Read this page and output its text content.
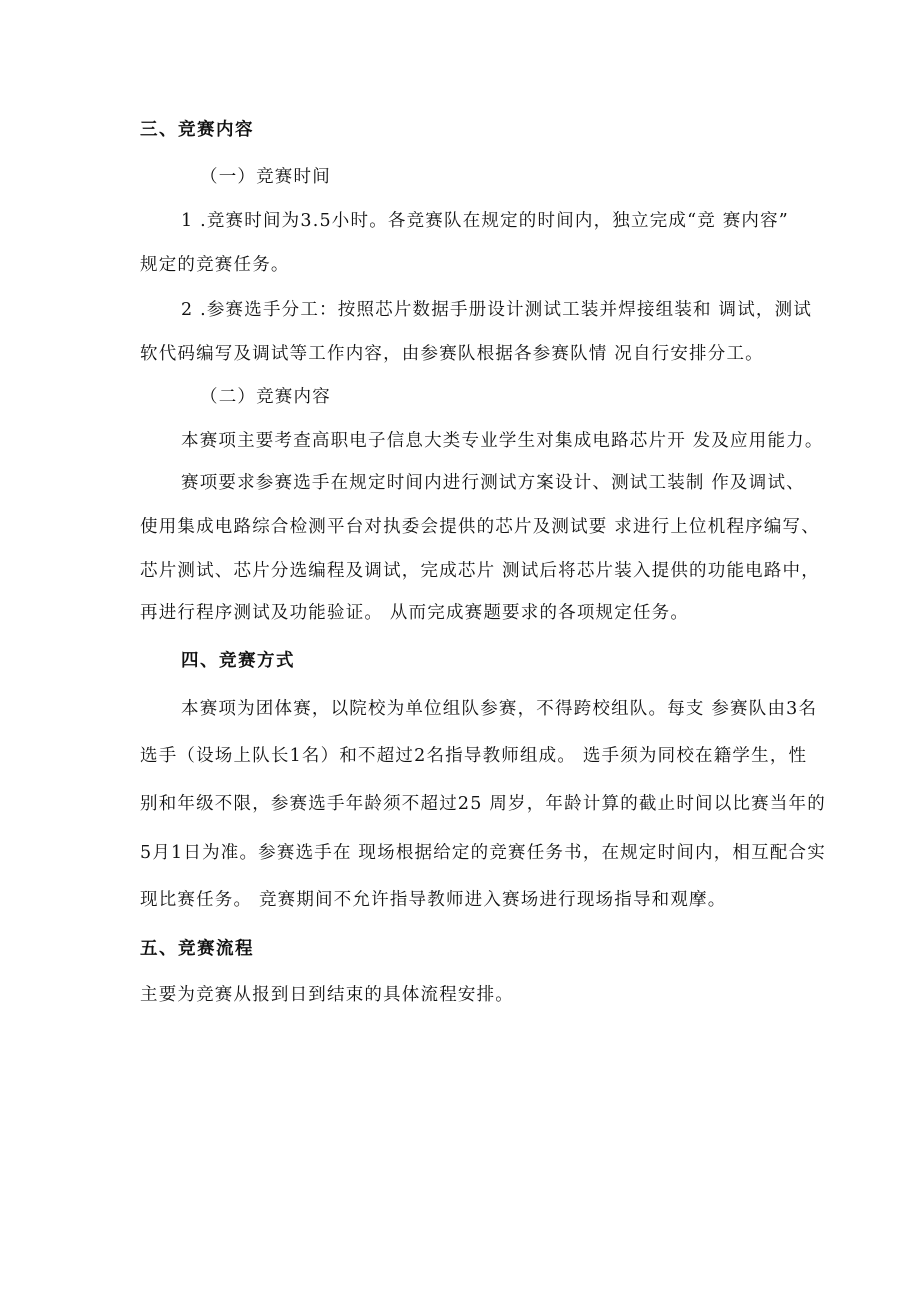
三、竞赛内容
（一）竞赛时间
1 .竞赛时间为3.5小时。各竞赛队在规定的时间内，独立完成“竞 赛内容”
规定的竞赛任务。
2 .参赛选手分工：按照芯片数据手册设计测试工装并焊接组装和 调试，测试
软代码编写及调试等工作内容，由参赛队根据各参赛队情 况自行安排分工。
（二）竞赛内容
本赛项主要考查高职电子信息大类专业学生对集成电路芯片开 发及应用能力。
赛项要求参赛选手在规定时间内进行测试方案设计、测试工装制 作及调试、
使用集成电路综合检测平台对执委会提供的芯片及测试要 求进行上位机程序编写、
芯片测试、芯片分选编程及调试，完成芯片 测试后将芯片装入提供的功能电路中，
再进行程序测试及功能验证。 从而完成赛题要求的各项规定任务。
四、竞赛方式
本赛项为团体赛，以院校为单位组队参赛，不得跨校组队。每支 参赛队由3名
选手（设场上队长1名）和不超过2名指导教师组成。 选手须为同校在籍学生，性
别和年级不限，参赛选手年龄须不超过25 周岁，年龄计算的截止时间以比赛当年的
5月1日为准。参赛选手在 现场根据给定的竞赛任务书，在规定时间内，相互配合实
现比赛任务。 竞赛期间不允许指导教师进入赛场进行现场指导和观摩。
五、竞赛流程
主要为竞赛从报到日到结束的具体流程安排。
